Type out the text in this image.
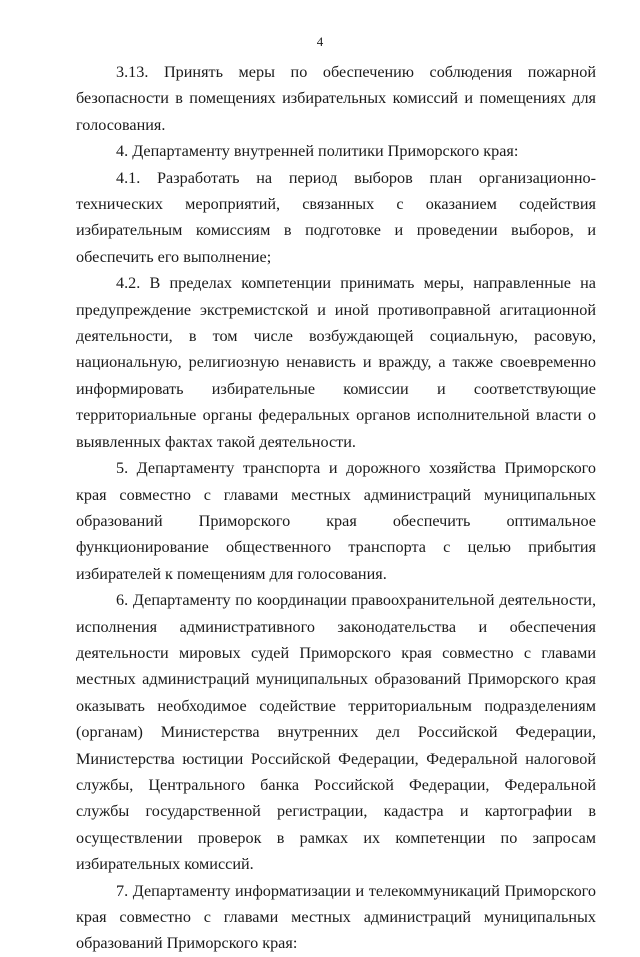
4

3.13. Принять меры по обеспечению соблюдения пожарной безопасности в помещениях избирательных комиссий и помещениях для голосования.

4. Департаменту внутренней политики Приморского края:

4.1. Разработать на период выборов план организационно-технических мероприятий, связанных с оказанием содействия избирательным комиссиям в подготовке и проведении выборов, и обеспечить его выполнение;

4.2. В пределах компетенции принимать меры, направленные на предупреждение экстремистской и иной противоправной агитационной деятельности, в том числе возбуждающей социальную, расовую, национальную, религиозную ненависть и вражду, а также своевременно информировать избирательные комиссии и соответствующие территориальные органы федеральных органов исполнительной власти о выявленных фактах такой деятельности.

5. Департаменту транспорта и дорожного хозяйства Приморского края совместно с главами местных администраций муниципальных образований Приморского края обеспечить оптимальное функционирование общественного транспорта с целью прибытия избирателей к помещениям для голосования.

6. Департаменту по координации правоохранительной деятельности, исполнения административного законодательства и обеспечения деятельности мировых судей Приморского края совместно с главами местных администраций муниципальных образований Приморского края оказывать необходимое содействие территориальным подразделениям (органам) Министерства внутренних дел Российской Федерации, Министерства юстиции Российской Федерации, Федеральной налоговой службы, Центрального банка Российской Федерации, Федеральной службы государственной регистрации, кадастра и картографии в осуществлении проверок в рамках их компетенции по запросам избирательных комиссий.

7. Департаменту информатизации и телекоммуникаций Приморского края совместно с главами местных администраций муниципальных образований Приморского края:
